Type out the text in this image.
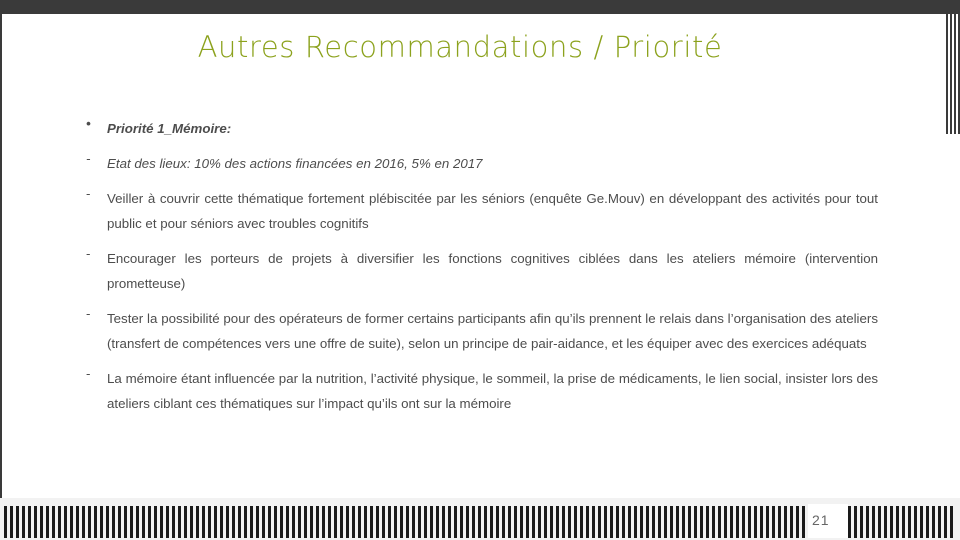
Autres Recommandations / Priorité
•	Priorité 1_Mémoire:
-	Etat des lieux: 10% des actions financées en 2016, 5% en 2017
-	Veiller à couvrir cette thématique fortement plébiscitée par les séniors (enquête Ge.Mouv) en développant des activités pour tout public et pour séniors avec troubles cognitifs
-	Encourager les porteurs de projets à diversifier les fonctions cognitives ciblées dans les ateliers mémoire (intervention prometteuse)
-	Tester la possibilité pour des opérateurs de former certains participants afin qu’ils prennent le relais dans l’organisation des ateliers (transfert de compétences vers une offre de suite), selon un principe de pair-aidance, et les équiper avec des exercices adéquats
-	La mémoire étant influencée par la nutrition, l’activité physique, le sommeil, la prise de médicaments, le lien social, insister lors des ateliers ciblant ces thématiques sur l’impact qu’ils ont sur la mémoire
21
